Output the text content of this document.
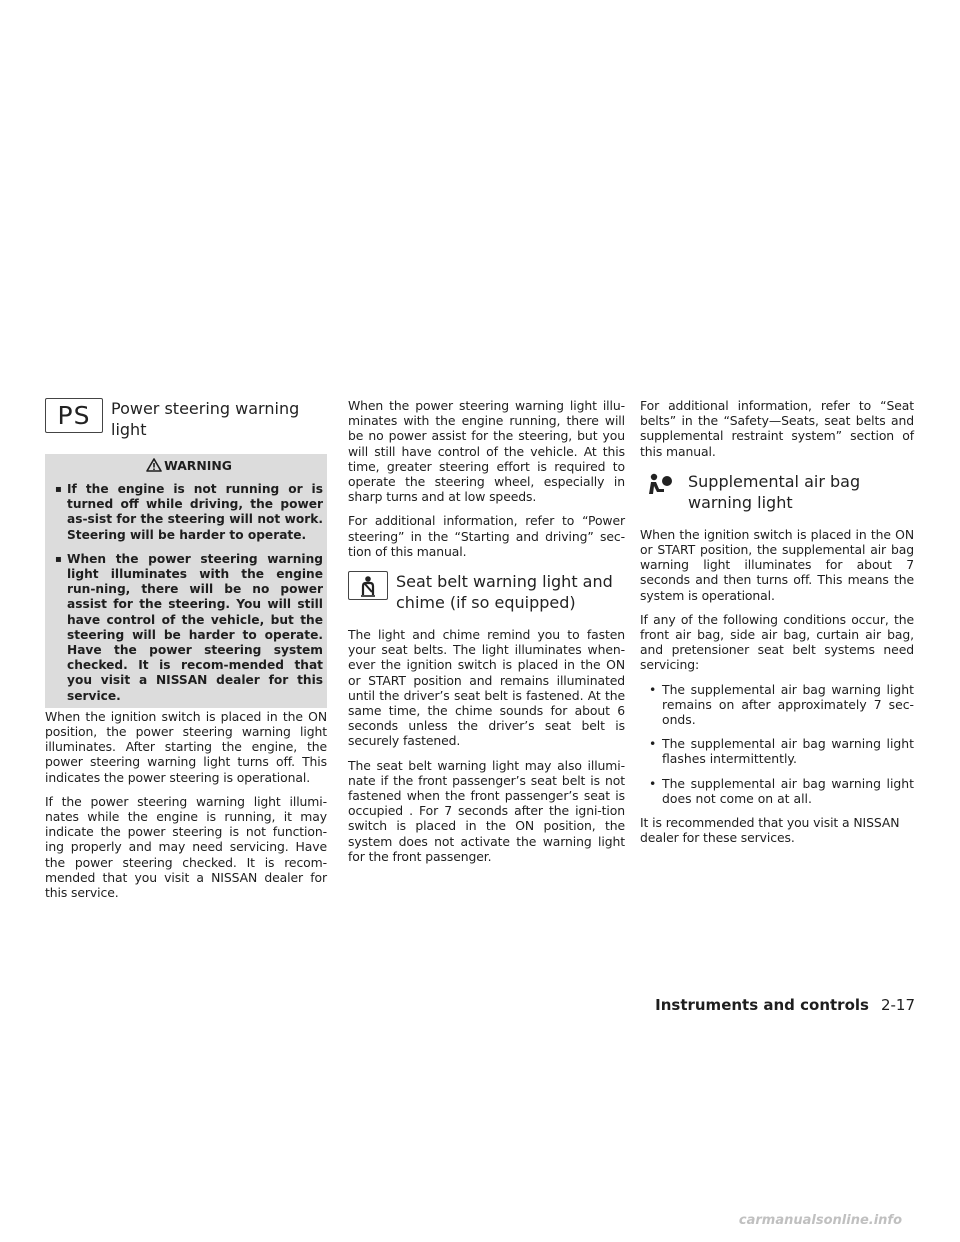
PS Power steering warning
light
WARNING
▪ If the engine is not running or is turned off while driving, the power as-sist for the steering will not work. Steering will be harder to operate.
▪ When the power steering warning light illuminates with the engine run-ning, there will be no power assist for the steering. You will still have control of the vehicle, but the steering will be harder to operate. Have the power steering system checked. It is recom-mended that you visit a NISSAN dealer for this service.

When the ignition switch is placed in the ON position, the power steering warning light illuminates. After starting the engine, the power steering warning light turns off. This indicates the power steering is operational.

If the power steering warning light illumi-nates while the engine is running, it may indicate the power steering is not function-ing properly and may need servicing. Have the power steering checked. It is recom-mended that you visit a NISSAN dealer for this service.

When the power steering warning light illu-minates with the engine running, there will be no power assist for the steering, but you will still have control of the vehicle. At this time, greater steering effort is required to operate the steering wheel, especially in sharp turns and at low speeds.

For additional information, refer to “Power steering” in the “Starting and driving” sec-tion of this manual.

Seat belt warning light and
chime (if so equipped)

The light and chime remind you to fasten your seat belts. The light illuminates when-ever the ignition switch is placed in the ON or START position and remains illuminated until the driver’s seat belt is fastened. At the same time, the chime sounds for about 6 seconds unless the driver’s seat belt is securely fastened.

The seat belt warning light may also illumi-nate if the front passenger’s seat belt is not fastened when the front passenger’s seat is occupied . For 7 seconds after the igni-tion switch is placed in the ON position, the system does not activate the warning light for the front passenger.

For additional information, refer to “Seat belts” in the “Safety—Seats, seat belts and supplemental restraint system” section of this manual.

Supplemental air bag
warning light

When the ignition switch is placed in the ON or START position, the supplemental air bag warning light illuminates for about 7 seconds and then turns off. This means the system is operational.

If any of the following conditions occur, the front air bag, side air bag, curtain air bag, and pretensioner seat belt systems need servicing:

• The supplemental air bag warning light remains on after approximately 7 sec-onds.
• The supplemental air bag warning light flashes intermittently.
• The supplemental air bag warning light does not come on at all.

It is recommended that you visit a NISSAN dealer for these services.

Instruments and controls 2-17
carmanualsonline.info
